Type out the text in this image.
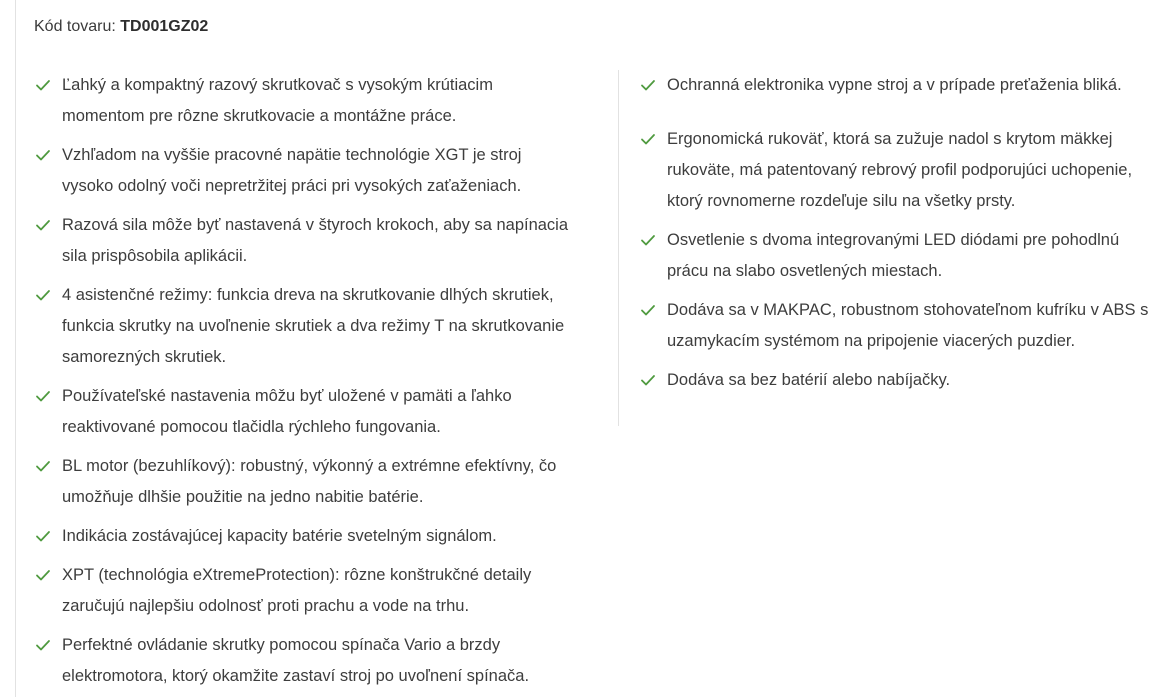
Kód tovaru: TD001GZ02
Ľahký a kompaktný razový skrutkovač s vysokým krútiacim momentom pre rôzne skrutkovacie a montážne práce.
Vzhľadom na vyššie pracovné napätie technológie XGT je stroj vysoko odolný voči nepretržitej práci pri vysokých zaťaženiach.
Razová sila môže byť nastavená v štyroch krokoch, aby sa napínacia sila prispôsobila aplikácii.
4 asistenčné režimy: funkcia dreva na skrutkovanie dlhých skrutiek, funkcia skrutky na uvoľnenie skrutiek a dva režimy T na skrutkovanie samorezných skrutiek.
Používateľské nastavenia môžu byť uložené v pamäti a ľahko reaktivované pomocou tlačidla rýchleho fungovania.
BL motor (bezuhlíkový): robustný, výkonný a extrémne efektívny, čo umožňuje dlhšie použitie na jedno nabitie batérie.
Indikácia zostávajúcej kapacity batérie svetelným signálom.
XPT (technológia eXtremeProtection): rôzne konštrukčné detaily zaručujú najlepšiu odolnosť proti prachu a vode na trhu.
Perfektné ovládanie skrutky pomocou spínača Vario a brzdy elektromotora, ktorý okamžite zastaví stroj po uvoľnení spínača.
Ochranná elektronika vypne stroj a v prípade preťaženia bliká.
Ergonomická rukoväť, ktorá sa zužuje nadol s krytom mäkkej rukoväte, má patentovaný rebrový profil podporujúci uchopenie, ktorý rovnomerne rozdeľuje silu na všetky prsty.
Osvetlenie s dvoma integrovanými LED diódami pre pohodlnú prácu na slabo osvetlených miestach.
Dodáva sa v MAKPAC, robustnom stohovateľnom kufríku v ABS s uzamykacím systémom na pripojenie viacerých puzdier.
Dodáva sa bez batérií alebo nabíjačky.
